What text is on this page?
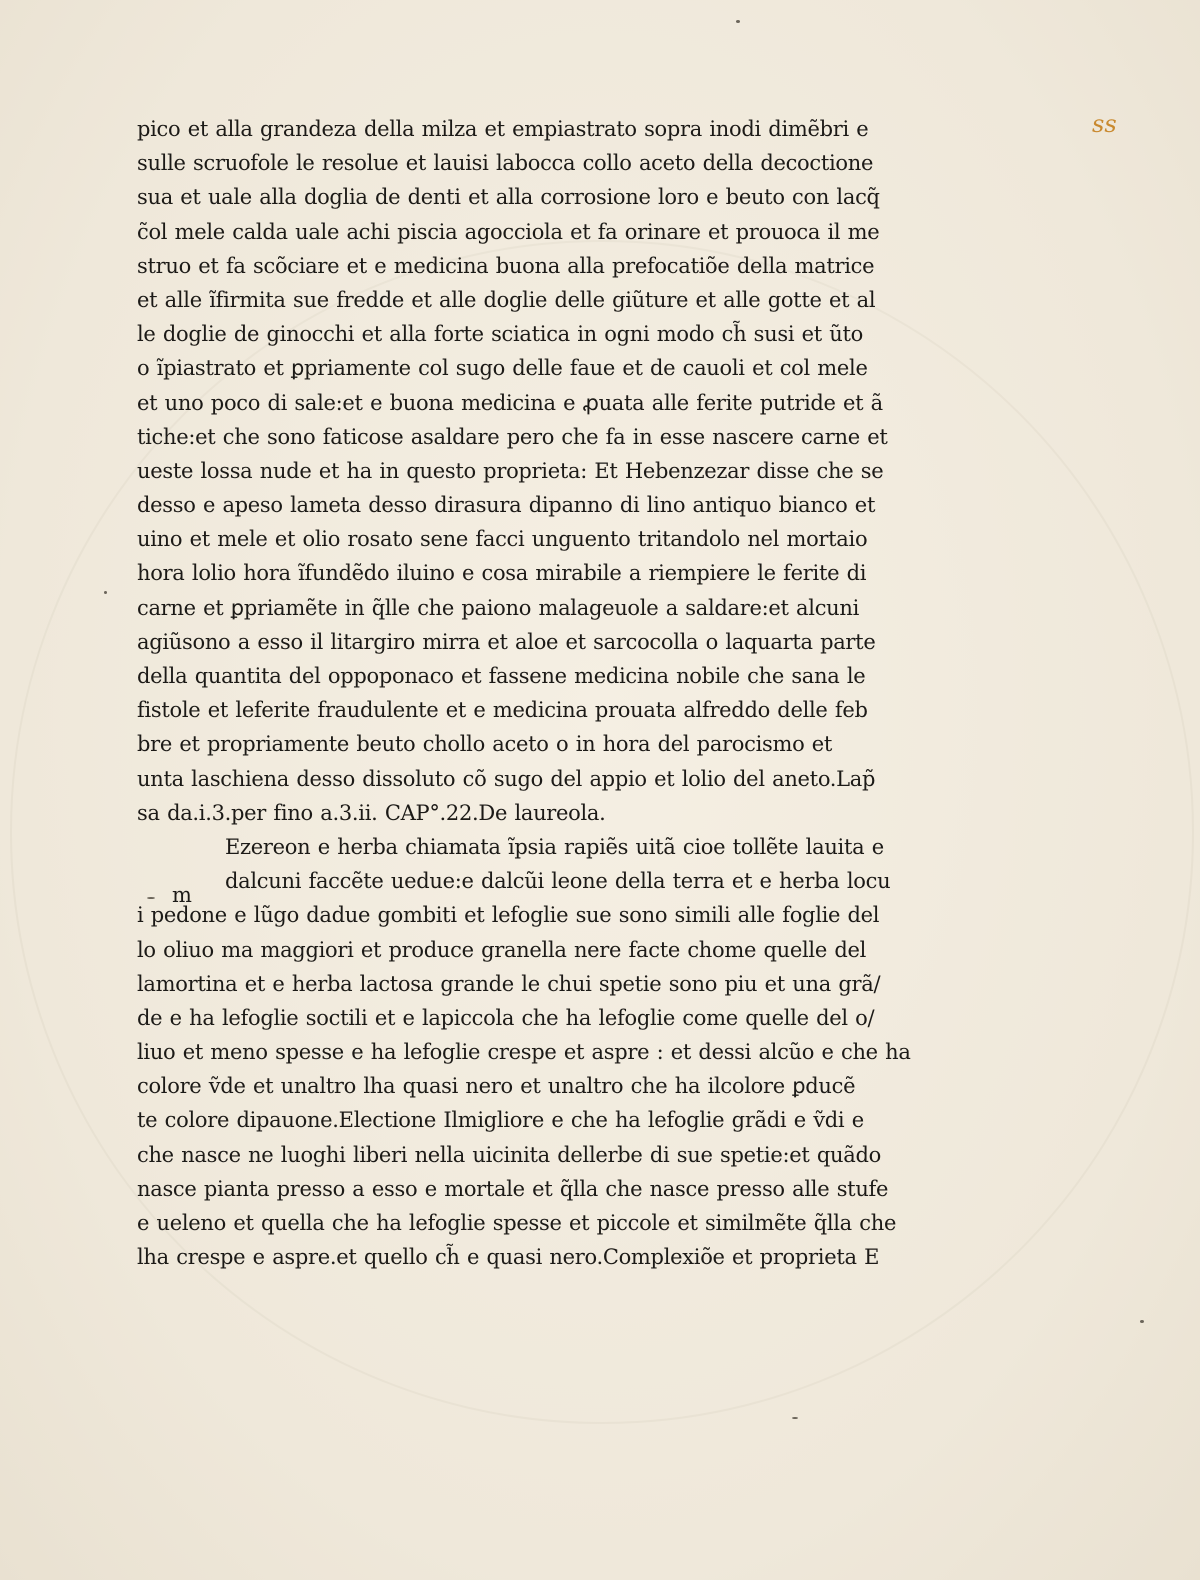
ss
m
pico et alla grandeza della milza et empiastrato sopra inodi dimẽbri e
sulle scruofole le resolue et lauisi labocca collo aceto della decoctione
sua et uale alla doglia de denti et alla corrosione loro e beuto con lacq̃
c̃ol mele calda uale achi piscia agocciola et fa orinare et prouoca il me
struo et fa scõciare et e medicina buona alla prefocatiõe della matrice
et alle ĩfirmita sue fredde et alle doglie delle giũture et alle gotte et al
le doglie de ginocchi et alla forte sciatica in ogni modo ch̃ susi et ũto
o ĩpiastrato et ꝑpriamente col sugo delle faue et de cauoli et col mele
et uno poco di sale:et e buona medicina e ꝓuata alle ferite putride et ã
tiche:et che sono faticose asaldare pero che fa in esse nascere carne et
ueste lossa nude et ha in questo proprieta: Et Hebenzezar disse che se
desso e apeso lameta desso dirasura dipanno di lino antiquo bianco et
uino et mele et olio rosato sene facci unguento tritandolo nel mortaio
hora lolio hora ĩfundẽdo iluino e cosa mirabile a riempiere le ferite di
carne et ꝑpriamẽte in q̃lle che paiono malageuole a saldare:et alcuni
agiũsono a esso il litargiro mirra et aloe et sarcocolla o laquarta parte
della quantita del oppoponaco et fassene medicina nobile che sana le
fistole et leferite fraudulente et e medicina prouata alfreddo delle feb
bre et propriamente beuto chollo aceto o in hora del parocismo et
unta laschiena desso dissoluto cõ sugo del appio et lolio del aneto.Lap̃
sa da.i.3.per fino a.3.ii. CAP°.22.De laureola.
Ezereon e herba chiamata ĩpsia rapiẽs uitã cioe tollẽte lauita e
dalcuni faccẽte uedue:e dalcũi leone della terra et e herba locu
i pedone e lũgo dadue gombiti et lefoglie sue sono simili alle foglie del
lo oliuo ma maggiori et produce granella nere facte chome quelle del
lamortina et e herba lactosa grande le chui spetie sono piu et una grã/
de e ha lefoglie soctili et e lapiccola che ha lefoglie come quelle del o/
liuo et meno spesse e ha lefoglie crespe et aspre : et dessi alcũo e che ha
colore ṽde et unaltro lha quasi nero et unaltro che ha ilcolore ꝑducẽ
te colore dipauone.Electione Ilmigliore e che ha lefoglie grãdi e ṽdi e
che nasce ne luoghi liberi nella uicinita dellerbe di sue spetie:et quãdo
nasce pianta presso a esso e mortale et q̃lla che nasce presso alle stufe
e ueleno et quella che ha lefoglie spesse et piccole et similmẽte q̃lla che
lha crespe e aspre.et quello ch̃ e quasi nero.Complexiõe et proprieta E
